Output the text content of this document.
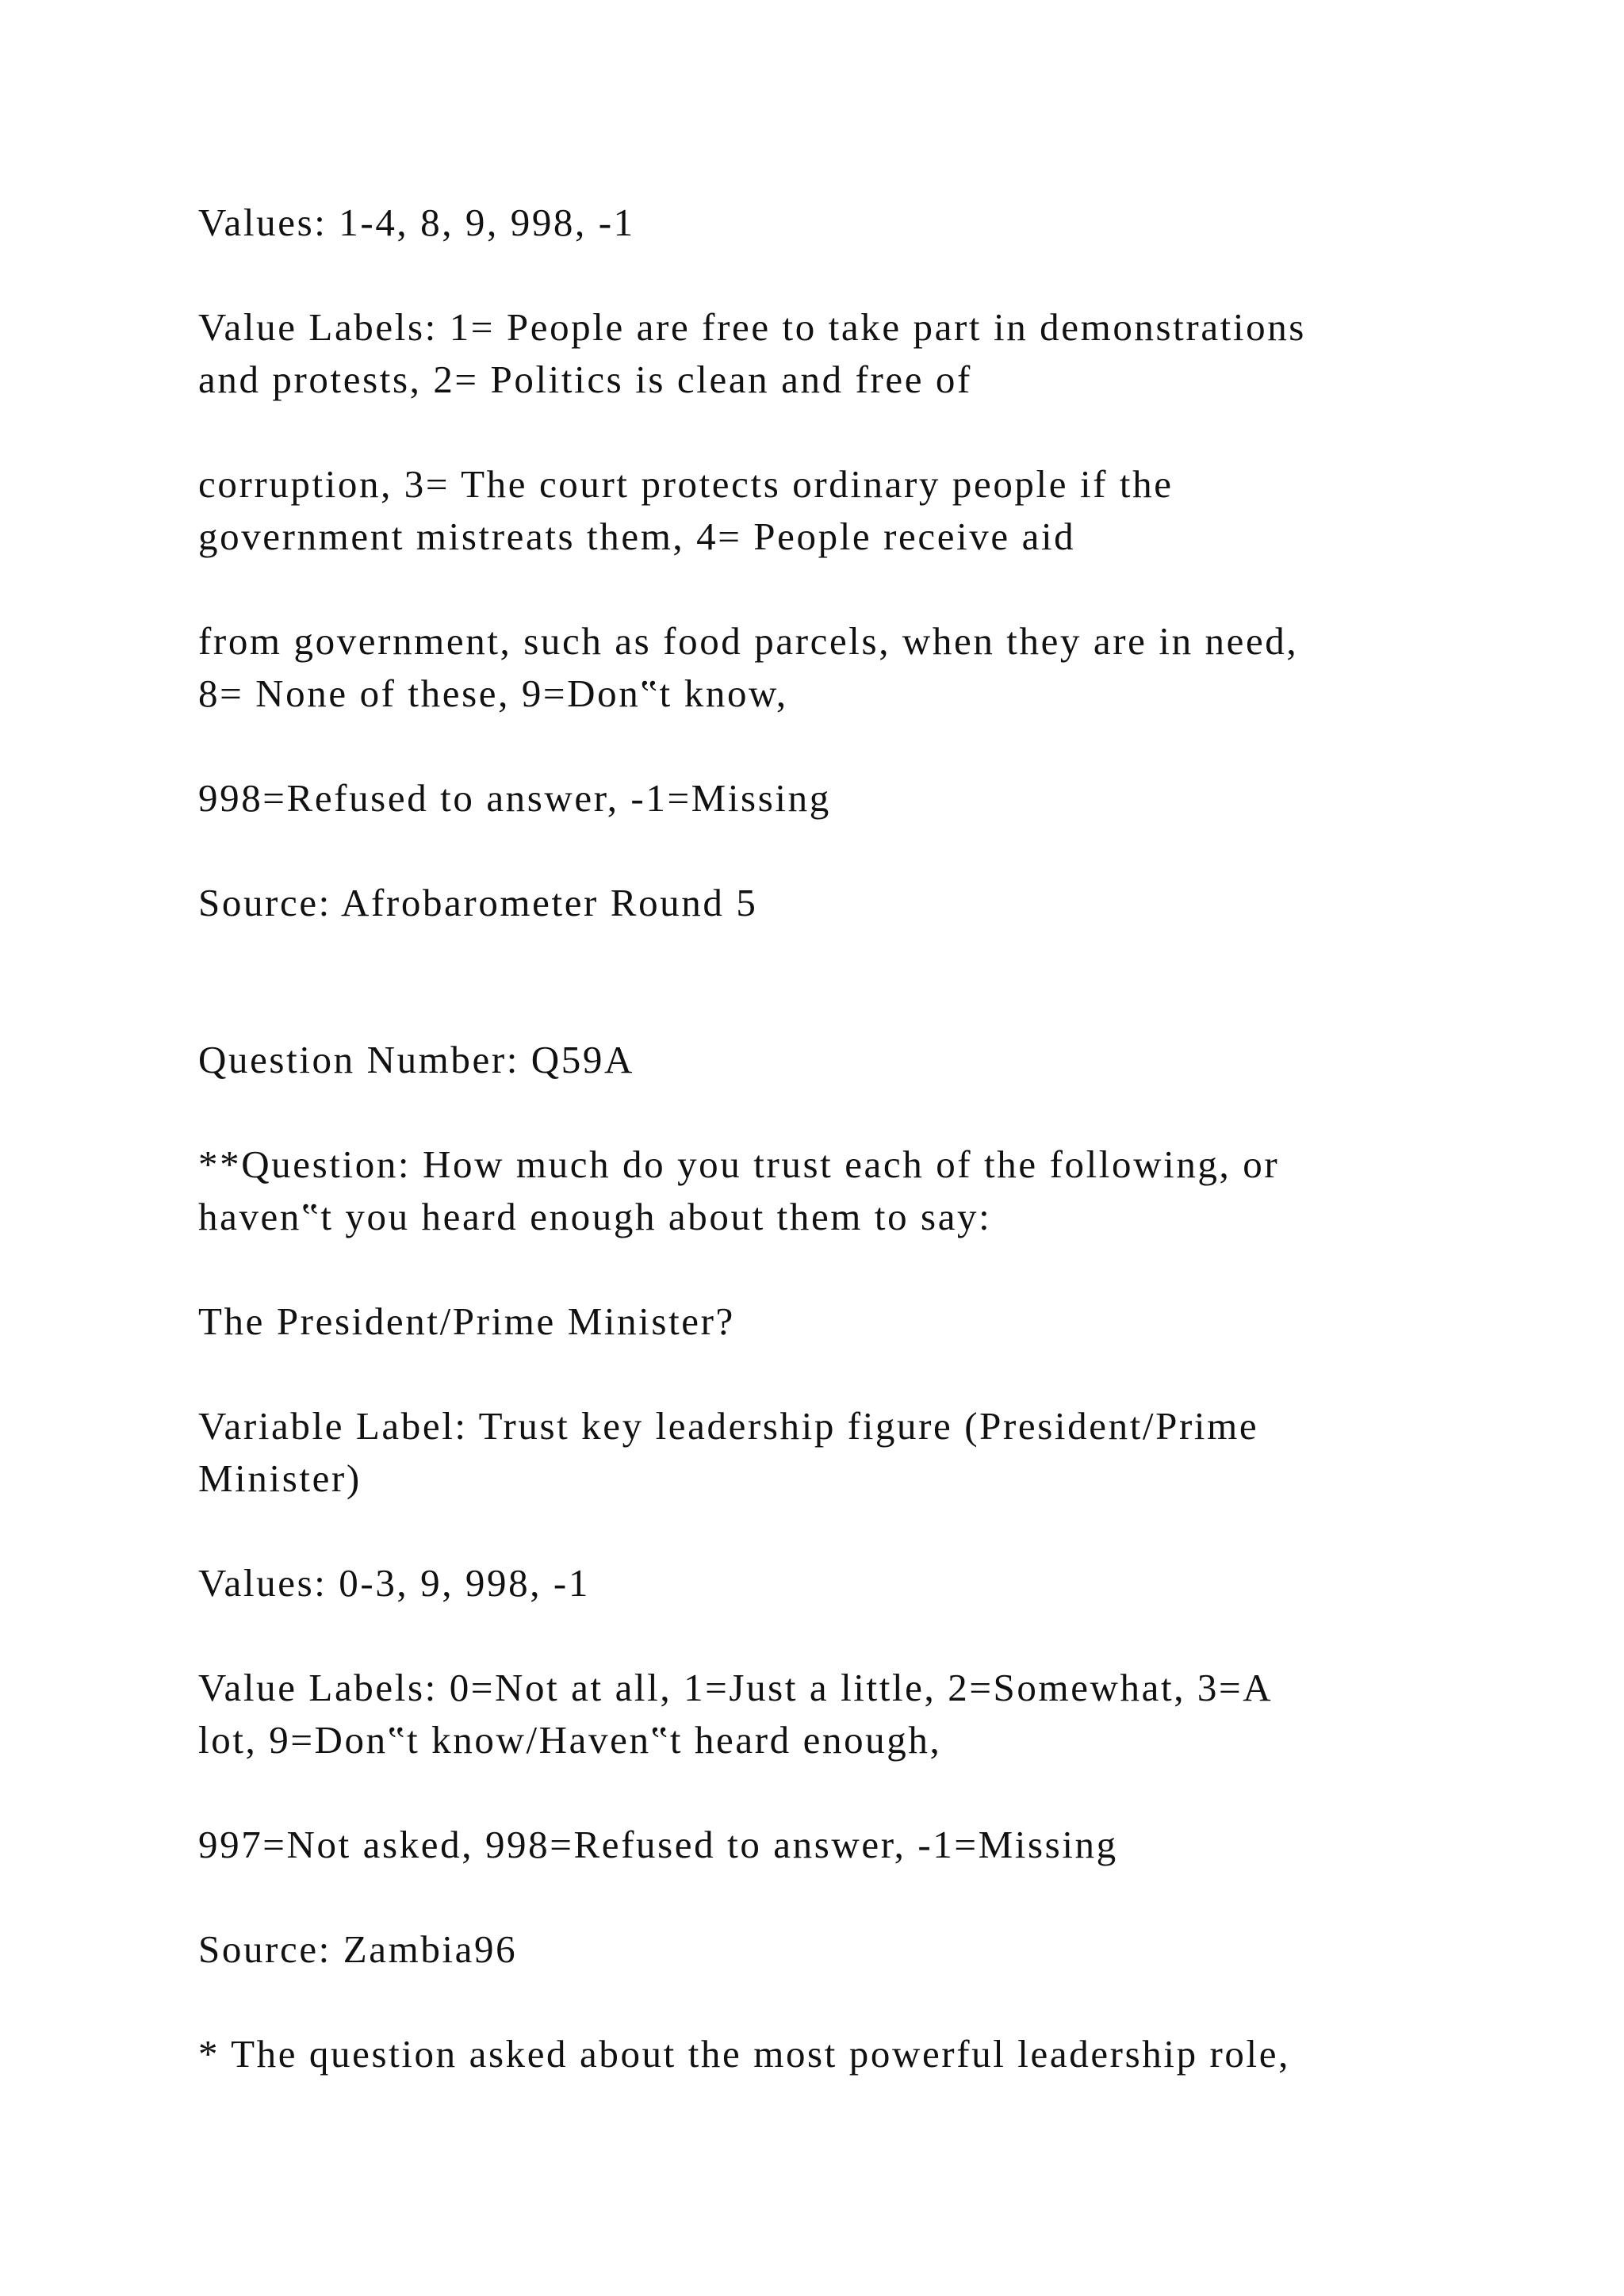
Values: 1-4, 8, 9, 998, -1

Value Labels: 1= People are free to take part in demonstrations
and protests, 2= Politics is clean and free of

corruption, 3= The court protects ordinary people if the
government mistreats them, 4= People receive aid

from government, such as food parcels, when they are in need,
8= None of these, 9=Don‟t know,

998=Refused to answer, -1=Missing

Source: Afrobarometer Round 5

Question Number: Q59A

**Question: How much do you trust each of the following, or
haven‟t you heard enough about them to say:

The President/Prime Minister?

Variable Label: Trust key leadership figure (President/Prime
Minister)

Values: 0-3, 9, 998, -1

Value Labels: 0=Not at all, 1=Just a little, 2=Somewhat, 3=A
lot, 9=Don‟t know/Haven‟t heard enough,

997=Not asked, 998=Refused to answer, -1=Missing

Source: Zambia96

* The question asked about the most powerful leadership role,
